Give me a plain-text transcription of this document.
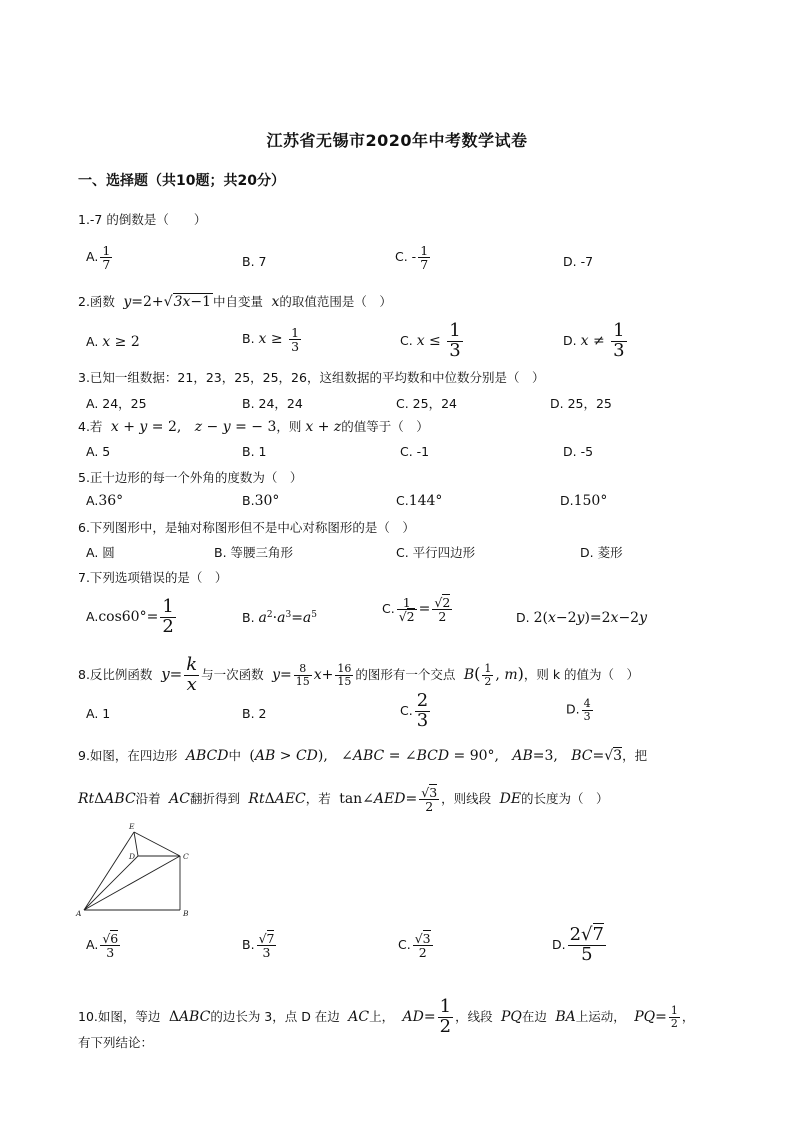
江苏省无锡市2020年中考数学试卷
一、选择题（共10题；共20分）
1.-7 的倒数是（　　）
A. $\frac{1}{7}$	B. 7	C. - $\frac{1}{7}$	D. -7
2.函数  y=2+√3x−1 中自变量  x的取值范围是（　）
A. x ≥ 2	B. $x \ge \frac{1}{3}$	C. $x \le \frac{1}{3}$	D. $x \ne \frac{1}{3}$
3.已知一组数据：21，23，25，25，26，这组数据的平均数和中位数分别是（　）
A. 24，25	B. 24，24	C. 25，24	D. 25，25
4.若  x + y = 2,   z − y = − 3，则 x + z的值等于（　）
A. 5	B. 1	C. -1	D. -5
5.正十边形的每一个外角的度数为（　）
A.36°	B.30°	C.144°	D.150°
6.下列图形中，是轴对称图形但不是中心对称图形的是（　）
A. 圆	B. 等腰三角形	C. 平行四边形	D. 菱形
7.下列选项错误的是（　）
$A.\cos 60^\circ= \frac{1}{2}$	B. $a^2\cdot a^3=a^5$	C. $\frac{1}{√2} = \frac{√2}{2}$	D. 2(x−2y)=2x−2y
8.反比例函数  $y= \frac{k}{x}$ 与一次函数  $y= \frac{8}{15} x+ \frac{16}{15}$ 的图形有一个交点  $B( \frac{1}{2}$ , m)，则 k 的值为（　）
A. 1	B. 2	C. $\frac{2}{3}$	D. $\frac{4}{3}$
9.如图，在四边形  ABCD中  (AB > CD),   ∠ABC = ∠BCD = 90°,   AB=3,   BC=√3，把
RtΔABC沿着  AC翻折得到  RtΔAEC，若  tan∠AED= $\frac{√3}{2}$ ，则线段  DE的长度为（　）
E
D	C
A	B
A. $\frac{√6}{3}$	B. $\frac{√7}{3}$	C. $\frac{√3}{2}$	D. $\frac{2√7}{5}$
10.如图，等边  ΔABC的边长为 3，点 D 在边  AC上，  $AD= \frac{1}{2}$ ，线段  PQ在边  BA上运动，  $PQ= \frac{1}{2}$ ，
有下列结论：
